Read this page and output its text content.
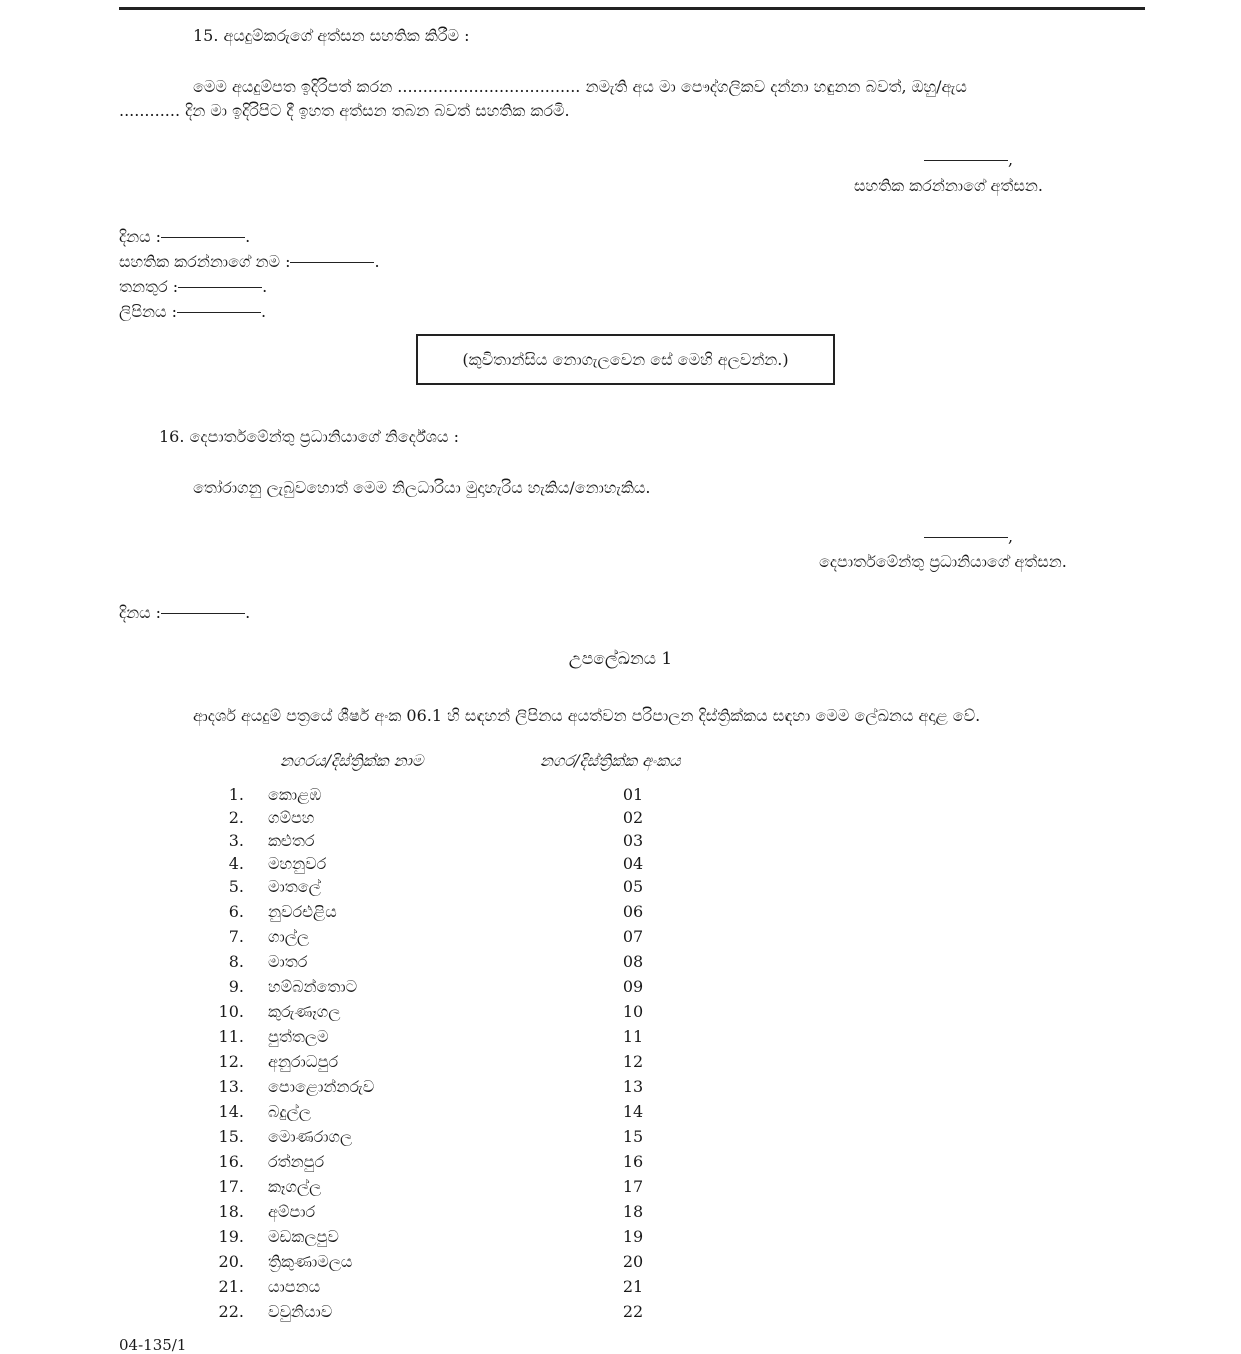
15. අයදුම්කරුගේ අත්සන සහතික කිරීම :
මෙම අයදුම්පත ඉදිරිපත් කරන .................................... නමැති අය මා පෞද්ගලිකව දන්නා හඳුනන බවත්, ඔහු/ඇය
............ දින මා ඉදිරිපිට දී ඉහත අත්සන තබන බවත් සහතික කරමි.
,
සහතික කරන්නාගේ අත්සන.
දිනය :	.
සහතික කරන්නාගේ නම :	.
තනතුර :	.
ලිපිනය :	.
(කුවිතාන්සිය නොගැලවෙන සේ මෙහි අලවන්න.)
16. දෙපාර්තමේන්තු ප්‍රධානියාගේ නිර්දේශය :
තෝරාගනු ලැබුවහොත් මෙම නිලධාරියා මුදාහැරිය හැකිය/නොහැකිය.
,
දෙපාර්තමේන්තු ප්‍රධානියාගේ අත්සන.
දිනය :	.
උපලේඛනය 1
ආදර්ශ අයදුම් පත්‍රයේ ශීර්ෂ අංක 06.1 හි සඳහන් ලිපිනය අයත්වන පරිපාලන දිස්ත්‍රික්කය සඳහා මෙම ලේඛනය අදාළ වේ.
නගරය/දිස්ත්‍රික්ක නාම	නගර/දිස්ත්‍රික්ක අංකය
1. කොළඹ	01
2. ගම්පහ	02
3. කළුතර	03
4. මහනුවර	04
5. මාතලේ	05
6. නුවරඑළිය	06
7. ගාල්ල	07
8. මාතර	08
9. හම්බන්තොට	09
10. කුරුණෑගල	10
11. පුත්තලම	11
12. අනුරාධපුර	12
13. පොළොන්නරුව	13
14. බදුල්ල	14
15. මොණරාගල	15
16. රත්නපුර	16
17. කෑගල්ල	17
18. අම්පාර	18
19. මඩකලපුව	19
20. ත්‍රිකුණාමලය	20
21. යාපනය	21
22. වවුනියාව	22
04-135/1
